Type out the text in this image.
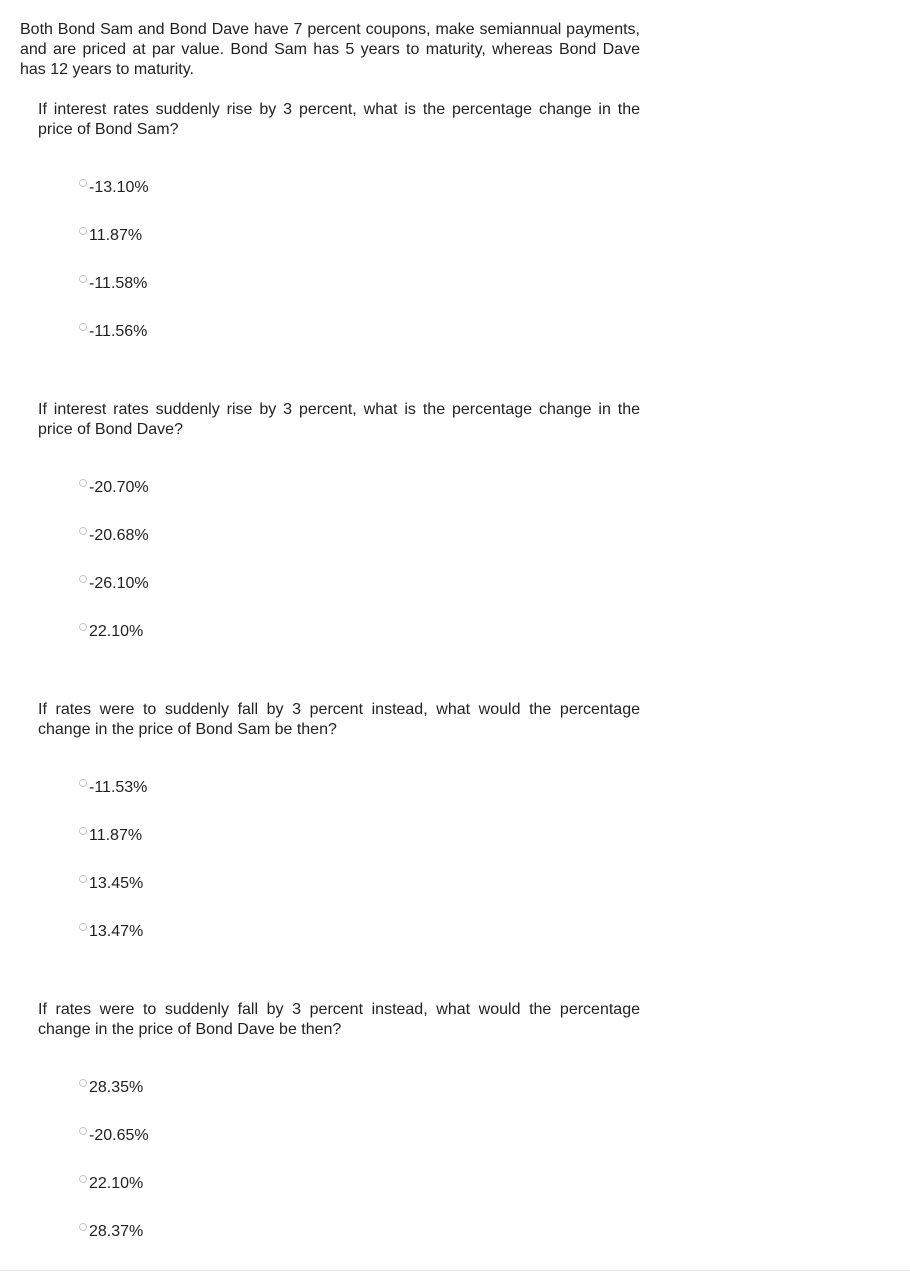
Both Bond Sam and Bond Dave have 7 percent coupons, make semiannual payments, and are priced at par value. Bond Sam has 5 years to maturity, whereas Bond Dave has 12 years to maturity.

If interest rates suddenly rise by 3 percent, what is the percentage change in the price of Bond Sam?

-13.10%
11.87%
-11.58%
-11.56%

If interest rates suddenly rise by 3 percent, what is the percentage change in the price of Bond Dave?

-20.70%
-20.68%
-26.10%
22.10%

If rates were to suddenly fall by 3 percent instead, what would the percentage change in the price of Bond Sam be then?

-11.53%
11.87%
13.45%
13.47%

If rates were to suddenly fall by 3 percent instead, what would the percentage change in the price of Bond Dave be then?

28.35%
-20.65%
22.10%
28.37%
